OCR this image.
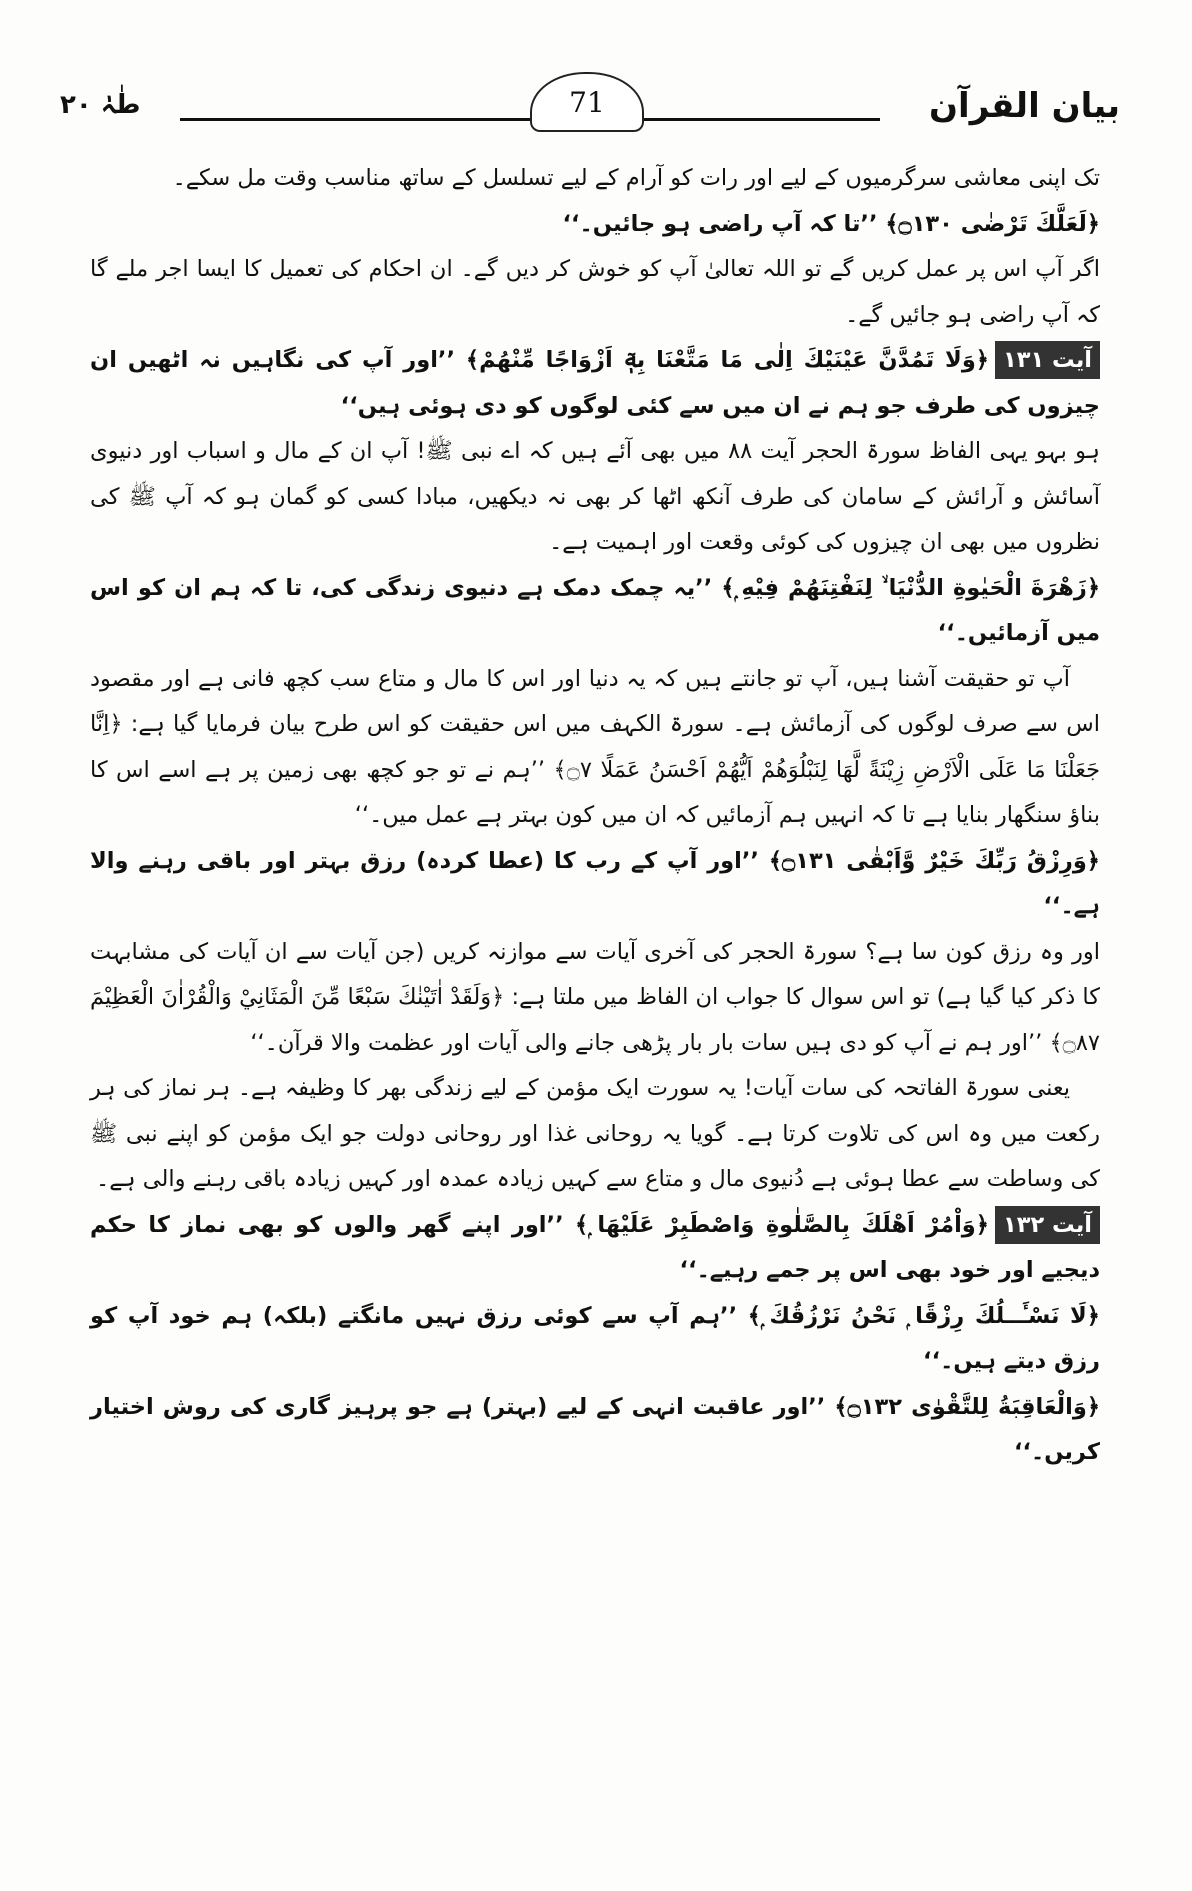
طٰہٰ ۲۰	71	بیان القرآن

تک اپنی معاشی سرگرمیوں کے لیے اور رات کو آرام کے لیے تسلسل کے ساتھ مناسب وقت مل سکے۔

﴿لَعَلَّكَ تَرْضٰى ۝۱۳۰﴾ ’’تا کہ آپ راضی ہو جائیں۔‘‘

اگر آپ اس پر عمل کریں گے تو اللہ تعالیٰ آپ کو خوش کر دیں گے۔ ان احکام کی تعمیل کا ایسا اجر ملے گا کہ آپ راضی ہو جائیں گے۔

آیت ۱۳۱﴿وَلَا تَمُدَّنَّ عَيْنَيْكَ اِلٰى مَا مَتَّعْنَا بِهٖٓ اَزْوَاجًا مِّنْهُمْ﴾ ’’اور آپ کی نگاہیں نہ اٹھیں ان چیزوں کی طرف جو ہم نے ان میں سے کئی لوگوں کو دی ہوئی ہیں‘‘

ہو بہو یہی الفاظ سورۃ الحجر آیت ۸۸ میں بھی آئے ہیں کہ اے نبی ﷺ! آپ ان کے مال و اسباب اور دنیوی آسائش و آرائش کے سامان کی طرف آنکھ اٹھا کر بھی نہ دیکھیں، مبادا کسی کو گمان ہو کہ آپ ﷺ کی نظروں میں بھی ان چیزوں کی کوئی وقعت اور اہمیت ہے۔

﴿زَهْرَةَ الْحَيٰوةِ الدُّنْيَا ۙ لِنَفْتِنَهُمْ فِيْهِ ۭ﴾ ’’یہ چمک دمک ہے دنیوی زندگی کی، تا کہ ہم ان کو اس میں آزمائیں۔‘‘

آپ تو حقیقت آشنا ہیں، آپ تو جانتے ہیں کہ یہ دنیا اور اس کا مال و متاع سب کچھ فانی ہے اور مقصود اس سے صرف لوگوں کی آزمائش ہے۔ سورۃ الکہف میں اس حقیقت کو اس طرح بیان فرمایا گیا ہے: ﴿اِنَّا جَعَلْنَا مَا عَلَى الْاَرْضِ زِيْنَةً لَّهَا لِنَبْلُوَهُمْ اَيُّهُمْ اَحْسَنُ عَمَلًا ۝۷﴾ ’’ہم نے تو جو کچھ بھی زمین پر ہے اسے اس کا بناؤ سنگھار بنایا ہے تا کہ انہیں ہم آزمائیں کہ ان میں کون بہتر ہے عمل میں۔‘‘

﴿وَرِزْقُ رَبِّكَ خَيْرٌ وَّاَبْقٰى ۝۱۳۱﴾ ’’اور آپ کے رب کا (عطا کردہ) رزق بہتر اور باقی رہنے والا ہے۔‘‘

اور وہ رزق کون سا ہے؟ سورۃ الحجر کی آخری آیات سے موازنہ کریں (جن آیات سے ان آیات کی مشابہت کا ذکر کیا گیا ہے) تو اس سوال کا جواب ان الفاظ میں ملتا ہے: ﴿وَلَقَدْ اٰتَيْنٰكَ سَبْعًا مِّنَ الْمَثَانِيْ وَالْقُرْاٰنَ الْعَظِيْمَ ۝۸۷﴾ ’’اور ہم نے آپ کو دی ہیں سات بار بار پڑھی جانے والی آیات اور عظمت والا قرآن۔‘‘

یعنی سورۃ الفاتحہ کی سات آیات! یہ سورت ایک مؤمن کے لیے زندگی بھر کا وظیفہ ہے۔ ہر نماز کی ہر رکعت میں وہ اس کی تلاوت کرتا ہے۔ گویا یہ روحانی غذا اور روحانی دولت جو ایک مؤمن کو اپنے نبی ﷺ کی وساطت سے عطا ہوئی ہے دُنیوی مال و متاع سے کہیں زیادہ عمدہ اور کہیں زیادہ باقی رہنے والی ہے۔

آیت ۱۳۲﴿وَاْمُرْ اَهْلَكَ بِالصَّلٰوةِ وَاصْطَبِرْ عَلَيْهَا ۭ﴾ ’’اور اپنے گھر والوں کو بھی نماز کا حکم دیجیے اور خود بھی اس پر جمے رہیے۔‘‘

﴿لَا نَسْـَٔــلُكَ رِزْقًا ۭ نَحْنُ نَرْزُقُكَ ۭ﴾ ’’ہم آپ سے کوئی رزق نہیں مانگتے (بلکہ) ہم خود آپ کو رزق دیتے ہیں۔‘‘

﴿وَالْعَاقِبَةُ لِلتَّقْوٰى ۝۱۳۲﴾ ’’اور عاقبت انہی کے لیے (بہتر) ہے جو پرہیز گاری کی روش اختیار کریں۔‘‘
